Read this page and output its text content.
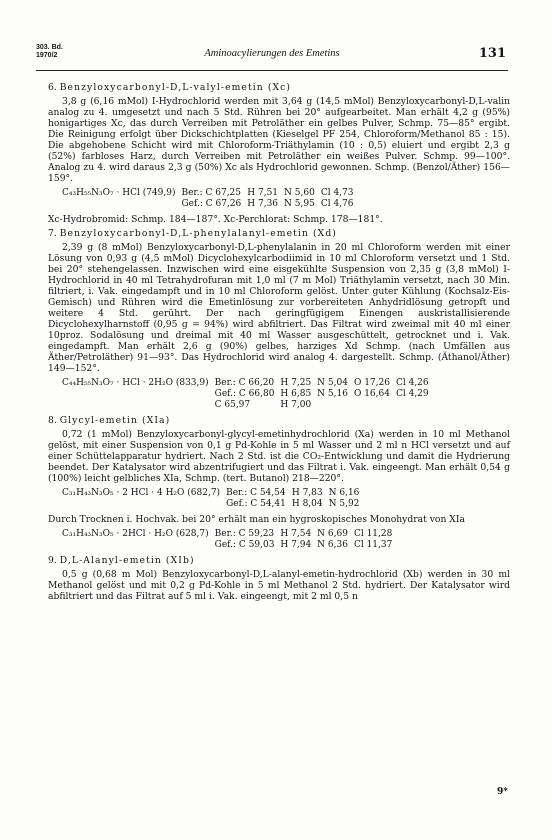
303. Bd.
1970/2	Aminoacylierungen des Emetins	131
6. Benzyloxycarbonyl-D,L-valyl-emetin (Xc)

3,8 g (6,16 mMol) I-Hydrochlorid werden mit 3,64 g (14,5 mMol) Benzyloxycarbonyl-D,L-valin analog zu 4. umgesetzt und nach 5 Std. Rühren bei 20° aufgearbeitet. Man erhält 4,2 g (95%) honigartiges Xc, das durch Verreiben mit Petroläther ein gelbes Pulver, Schmp. 75—85° ergibt. Die Reinigung erfolgt über Dickschichtplatten (Kieselgel PF 254, Chloroform/Methanol 85 : 15). Die abgehobene Schicht wird mit Chloroform-Triäthylamin (10 : 0,5) eluiert und ergibt 2,3 g (52%) farbloses Harz, durch Verreiben mit Petroläther ein weißes Pulver. Schmp. 99—100°. Analog zu 4. wird daraus 2,3 g (50%) Xc als Hydrochlorid gewonnen. Schmp. (Benzol/Äther) 156—159°.

C₄₃H₅₅N₃O₇ · HCl (749,9)	Ber.: C 67,25	H 7,51	N 5,60	Cl 4,73
	Gef.: C 67,26	H 7,36	N 5,95	Cl 4,76
Xc-Hydrobromid: Schmp. 184—187°. Xc-Perchlorat: Schmp. 178—181°.
7. Benzyloxycarbonyl-D,L-phenylalanyl-emetin (Xd)

2,39 g (8 mMol) Benzyloxycarbonyl-D,L-phenylalanin in 20 ml Chloroform werden mit einer Lösung von 0,93 g (4,5 mMol) Dicyclohexylcarbodiimid in 10 ml Chloroform versetzt und 1 Std. bei 20° stehengelassen. Inzwischen wird eine eisgekühlte Suspension von 2,35 g (3,8 mMol) I-Hydrochlorid in 40 ml Tetrahydrofuran mit 1,0 ml (7 m Mol) Triäthylamin versetzt, nach 30 Min. filtriert, i. Vak. eingedampft und in 10 ml Chloroform gelöst. Unter guter Kühlung (Kochsalz-Eis-Gemisch) und Rühren wird die Emetinlösung zur vorbereiteten Anhydridlösung getropft und weitere 4 Std. gerührt. Der nach geringfügigem Einengen auskristallisierende Dicyclohexylharnstoff (0,95 g = 94%) wird abfiltriert. Das Filtrat wird zweimal mit 40 ml einer 10proz. Sodalösung und dreimal mit 40 ml Wasser ausgeschüttelt, getrocknet und i. Vak. eingedampft. Man erhält 2,6 g (90%) gelbes, harziges Xd Schmp. (nach Umfällen aus Äther/Petroläther) 91—93°. Das Hydrochlorid wird analog 4. dargestellt. Schmp. (Äthanol/Äther) 149—152°.

C₄₄H₅₅N₃O₇ · HCl · 2H₂O (833,9)	Ber.: C 66,20	H 7,25	N 5,04	O 17,26	Cl 4,26
	Gef.: C 66,80	H 6,85	N 5,16	O 16,64	Cl 4,29
	C 65,97	H 7,00			
8. Glycyl-emetin (XIa)

0,72 (1 mMol) Benzyloxycarbonyl-glycyl-emetinhydrochlorid (Xa) werden in 10 ml Methanol gelöst, mit einer Suspension von 0,1 g Pd-Kohle in 5 ml Wasser und 2 ml n HCl versetzt und auf einer Schüttelapparatur hydriert. Nach 2 Std. ist die CO₂-Entwicklung und damit die Hydrierung beendet. Der Katalysator wird abzentrifugiert und das Filtrat i. Vak. eingeengt. Man erhält 0,54 g (100%) leicht gelbliches XIa, Schmp. (tert. Butanol) 218—220°.

C₃₁H₄₃N₃O₅ · 2 HCl · 4 H₂O (682,7)	Ber.: C 54,54	H 7,83	N 6,16
	Gef.: C 54,41	H 8,04	N 5,92
Durch Trocknen i. Hochvak. bei 20° erhält man ein hygroskopisches Monohydrat von XIa
C₃₁H₄₃N₃O₅ · 2HCl · H₂O (628,7)	Ber.: C 59,23	H 7,54	N 6,69	Cl 11,28
	Gef.: C 59,03	H 7,94	N 6,36	Cl 11,37
9. D,L-Alanyl-emetin (XIb)

0,5 g (0,68 m Mol) Benzyloxycarbonyl-D,L-alanyl-emetin-hydrochlorid (Xb) werden in 30 ml Methanol gelöst und mit 0,2 g Pd-Kohle in 5 ml Methanol 2 Std. hydriert. Der Katalysator wird abfiltriert und das Filtrat auf 5 ml i. Vak. eingeengt, mit 2 ml 0,5 n

9*
